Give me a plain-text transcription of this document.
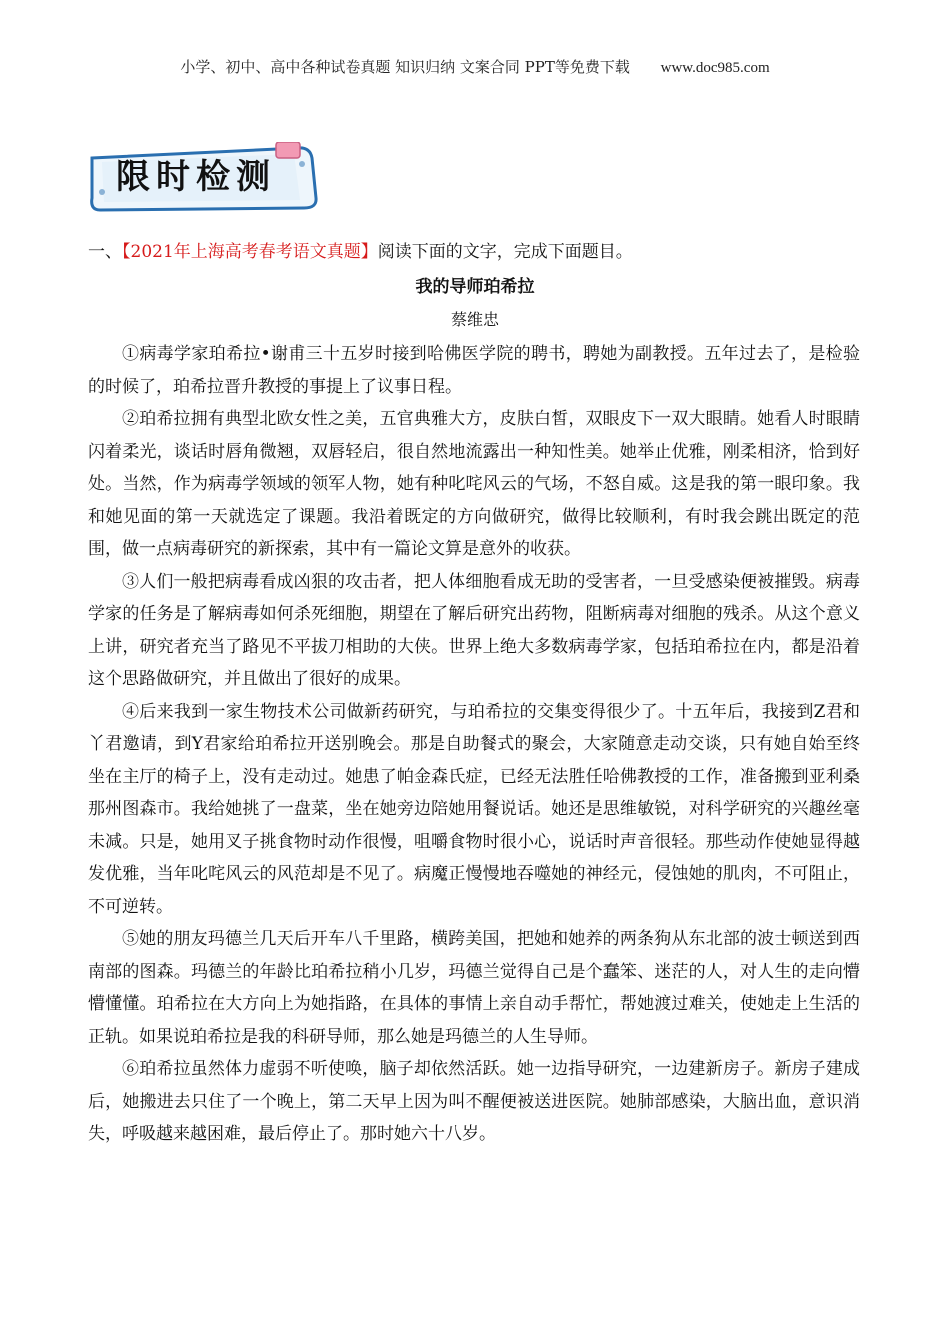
小学、初中、高中各种试卷真题 知识归纳 文案合同 PPT等免费下载 www.doc985.com
限时检测
一、【2021年上海高考春考语文真题】阅读下面的文字，完成下面题目。
我的导师珀希拉
蔡维忠

①病毒学家珀希拉•谢甫三十五岁时接到哈佛医学院的聘书，聘她为副教授。五年过去了，是检验的时候了，珀希拉晋升教授的事提上了议事日程。

②珀希拉拥有典型北欧女性之美，五官典雅大方，皮肤白皙，双眼皮下一双大眼睛。她看人时眼睛闪着柔光，谈话时唇角微翘，双唇轻启，很自然地流露出一种知性美。她举止优雅，刚柔相济，恰到好处。当然，作为病毒学领域的领军人物，她有种叱咤风云的气场，不怒自威。这是我的第一眼印象。我和她见面的第一天就选定了课题。我沿着既定的方向做研究，做得比较顺利，有时我会跳出既定的范围，做一点病毒研究的新探索，其中有一篇论文算是意外的收获。

③人们一般把病毒看成凶狠的攻击者，把人体细胞看成无助的受害者，一旦受感染便被摧毁。病毒学家的任务是了解病毒如何杀死细胞，期望在了解后研究出药物，阻断病毒对细胞的残杀。从这个意义上讲，研究者充当了路见不平拔刀相助的大侠。世界上绝大多数病毒学家，包括珀希拉在内，都是沿着这个思路做研究，并且做出了很好的成果。

④后来我到一家生物技术公司做新药研究，与珀希拉的交集变得很少了。十五年后，我接到Z君和丫君邀请，到Y君家给珀希拉开送别晚会。那是自助餐式的聚会，大家随意走动交谈，只有她自始至终坐在主厅的椅子上，没有走动过。她患了帕金森氏症，已经无法胜任哈佛教授的工作，准备搬到亚利桑那州图森市。我给她挑了一盘菜，坐在她旁边陪她用餐说话。她还是思维敏锐，对科学研究的兴趣丝毫未减。只是，她用叉子挑食物时动作很慢，咀嚼食物时很小心，说话时声音很轻。那些动作使她显得越发优雅，当年叱咤风云的风范却是不见了。病魔正慢慢地吞噬她的神经元，侵蚀她的肌肉，不可阻止，不可逆转。

⑤她的朋友玛德兰几天后开车八千里路，横跨美国，把她和她养的两条狗从东北部的波士顿送到西南部的图森。玛德兰的年龄比珀希拉稍小几岁，玛德兰觉得自己是个蠢笨、迷茫的人，对人生的走向懵懵懂懂。珀希拉在大方向上为她指路，在具体的事情上亲自动手帮忙，帮她渡过难关，使她走上生活的正轨。如果说珀希拉是我的科研导师，那么她是玛德兰的人生导师。

⑥珀希拉虽然体力虚弱不听使唤，脑子却依然活跃。她一边指导研究，一边建新房子。新房子建成后，她搬进去只住了一个晚上，第二天早上因为叫不醒便被送进医院。她肺部感染，大脑出血，意识消失，呼吸越来越困难，最后停止了。那时她六十八岁。
